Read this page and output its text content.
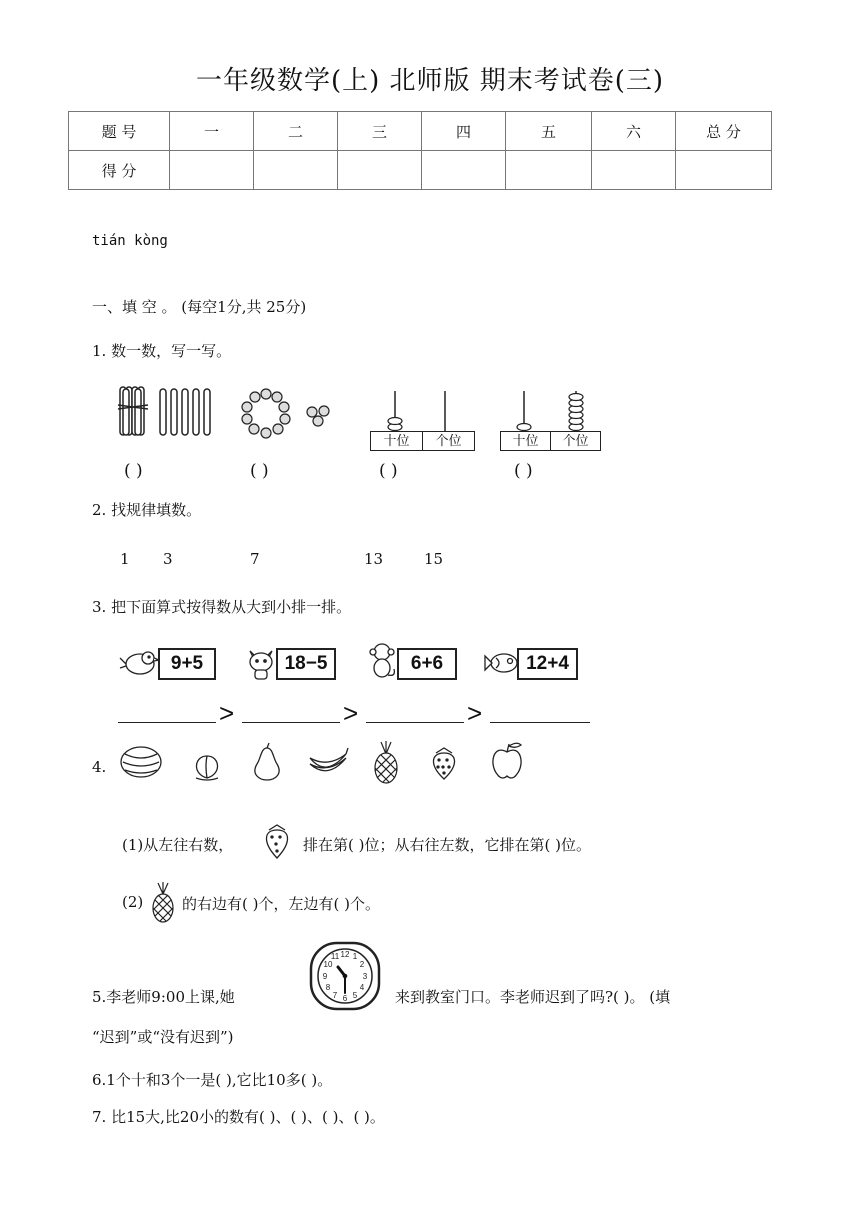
一年级数学(上) 北师版 期末考试卷(三)
题 号	一	二	三	四	五	六	总 分
得 分							
tián kòng
一、填 空 。 (每空1分,共 25分)
1. 数一数，写一写。
十位	个位	十位	个位
( )	( )	( )	( )
2. 找规律填数。
1 3	7	13	15
3. 把下面算式按得数从大到小排一排。
9+5	18−5	6+6	12+4
>	>	>
4.
(1)从左往右数，	排在第( )位；从右往左数，它排在第( )位。
(2)	的右边有( )个，左边有( )个。
5.李老师9:00上课,她
12 1
2
3
4
5
6
7
8
9
10
11
来到教室门口。李老师迟到了吗?( )。 (填
“迟到”或“没有迟到”)
6.1个十和3个一是( ),它比10多( )。
7. 比15大,比20小的数有( )、( )、( )、( )。
